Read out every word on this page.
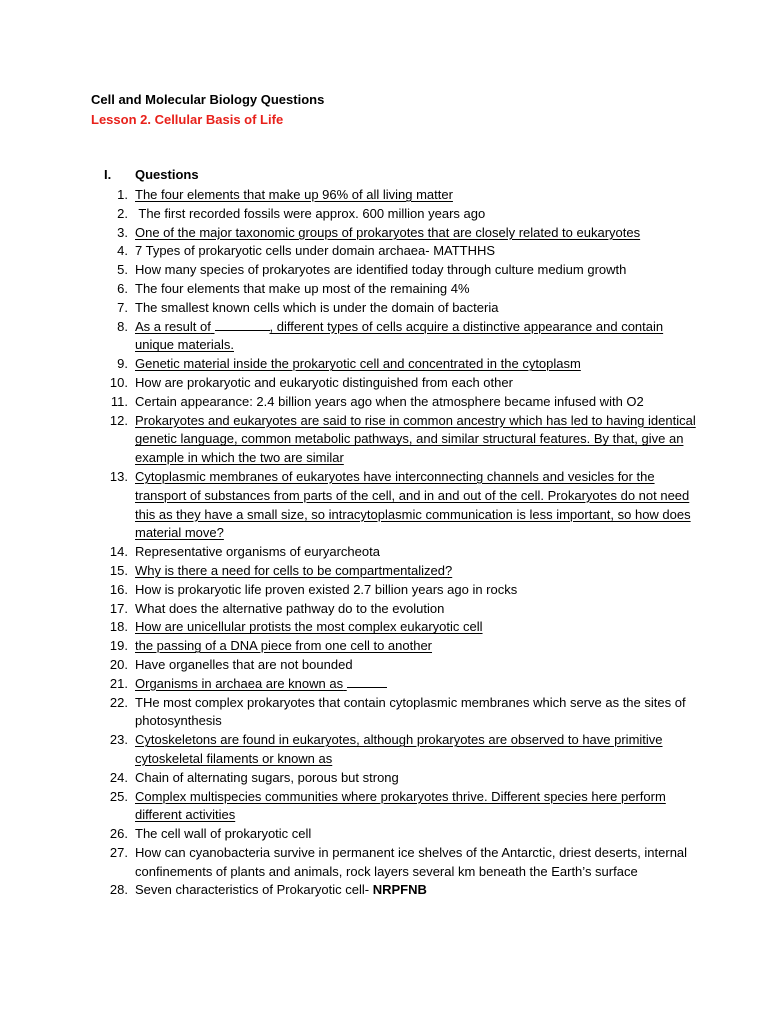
Cell and Molecular Biology Questions
Lesson 2. Cellular Basis of Life
I. Questions
1. The four elements that make up 96% of all living matter
2. The first recorded fossils were approx. 600 million years ago
3. One of the major taxonomic groups of prokaryotes that are closely related to eukaryotes
4. 7 Types of prokaryotic cells under domain archaea- MATTHHS
5. How many species of prokaryotes are identified today through culture medium growth
6. The four elements that make up most of the remaining 4%
7. The smallest known cells which is under the domain of bacteria
8. As a result of	, different types of cells acquire a distinctive appearance and contain unique materials.
9. Genetic material inside the prokaryotic cell and concentrated in the cytoplasm
10. How are prokaryotic and eukaryotic distinguished from each other
11. Certain appearance: 2.4 billion years ago when the atmosphere became infused with O2
12. Prokaryotes and eukaryotes are said to rise in common ancestry which has led to having identical genetic language, common metabolic pathways, and similar structural features. By that, give an example in which the two are similar
13. Cytoplasmic membranes of eukaryotes have interconnecting channels and vesicles for the transport of substances from parts of the cell, and in and out of the cell. Prokaryotes do not need this as they have a small size, so intracytoplasmic communication is less important, so how does material move?
14. Representative organisms of euryarcheota
15. Why is there a need for cells to be compartmentalized?
16. How is prokaryotic life proven existed 2.7 billion years ago in rocks
17. What does the alternative pathway do to the evolution
18. How are unicellular protists the most complex eukaryotic cell
19. the passing of a DNA piece from one cell to another
20. Have organelles that are not bounded
21. Organisms in archaea are known as
22. THe most complex prokaryotes that contain cytoplasmic membranes which serve as the sites of photosynthesis
23. Cytoskeletons are found in eukaryotes, although prokaryotes are observed to have primitive cytoskeletal filaments or known as
24. Chain of alternating sugars, porous but strong
25. Complex multispecies communities where prokaryotes thrive. Different species here perform different activities
26. The cell wall of prokaryotic cell
27. How can cyanobacteria survive in permanent ice shelves of the Antarctic, driest deserts, internal confinements of plants and animals, rock layers several km beneath the Earth’s surface
28. Seven characteristics of Prokaryotic cell- NRPFNB
